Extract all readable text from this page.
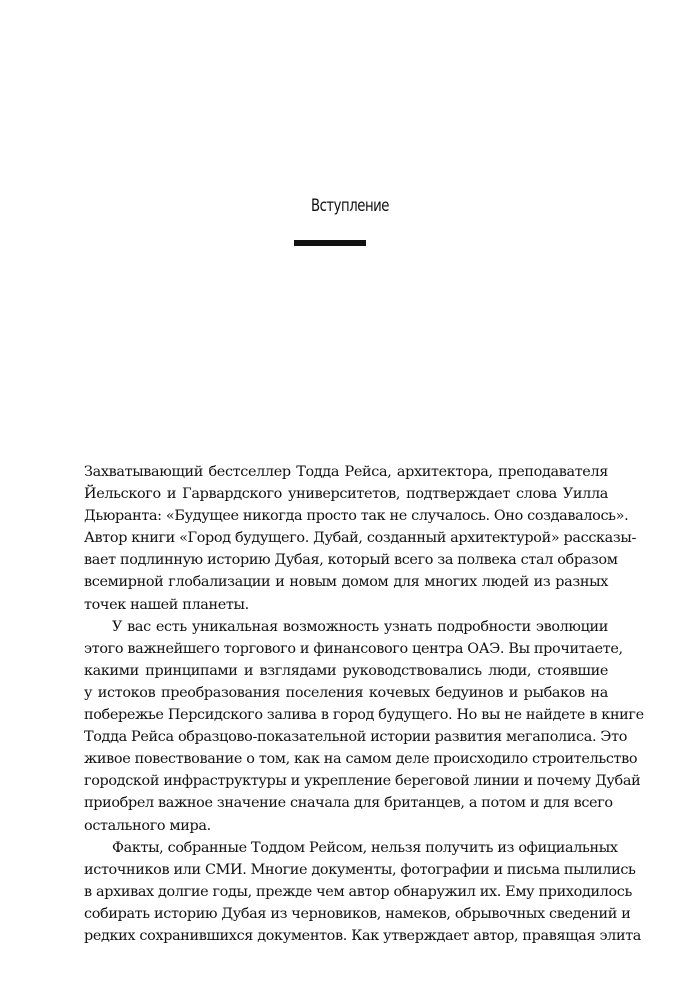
Вступление
Захватывающий бестселлер Тодда Рейса, архитектора, преподавателя
Йельского и Гарвардского университетов, подтверждает слова Уилла
Дьюранта: «Будущее никогда просто так не случалось. Оно создавалось».
Автор книги «Город будущего. Дубай, созданный архитектурой» рассказы-
вает подлинную историю Дубая, который всего за полвека стал образом
всемирной глобализации и новым домом для многих людей из разных
точек нашей планеты.
У вас есть уникальная возможность узнать подробности эволюции
этого важнейшего торгового и финансового центра ОАЭ. Вы прочитаете,
какими принципами и взглядами руководствовались люди, стоявшие
у истоков преобразования поселения кочевых бедуинов и рыбаков на
побережье Персидского залива в город будущего. Но вы не найдете в книге
Тодда Рейса образцово-показательной истории развития мегаполиса. Это
живое повествование о том, как на самом деле происходило строительство
городской инфраструктуры и укрепление береговой линии и почему Дубай
приобрел важное значение сначала для британцев, а потом и для всего
остального мира.
Факты, собранные Тоддом Рейсом, нельзя получить из официальных
источников или СМИ. Многие документы, фотографии и письма пылились
в архивах долгие годы, прежде чем автор обнаружил их. Ему приходилось
собирать историю Дубая из черновиков, намеков, обрывочных сведений и
редких сохранившихся документов. Как утверждает автор, правящая элита
